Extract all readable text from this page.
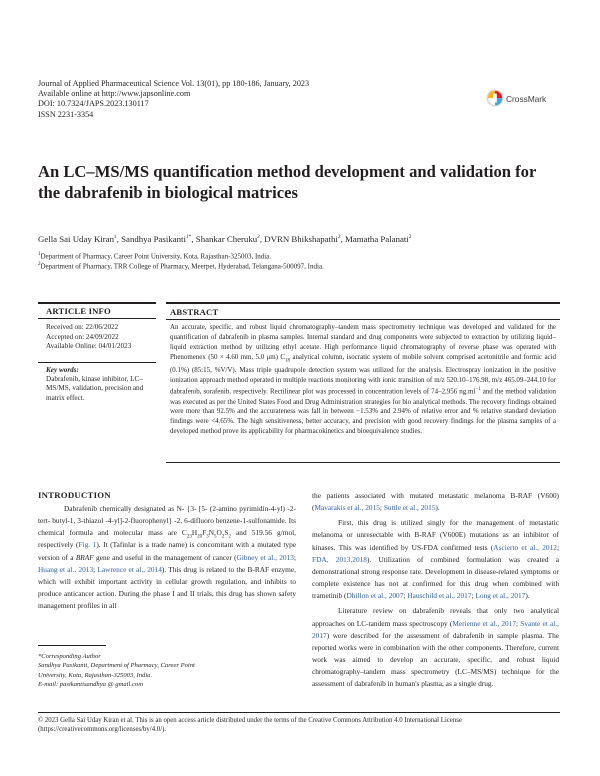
Journal of Applied Pharmaceutical Science Vol. 13(01), pp 180-186, January, 2023
Available online at http://www.japsonline.com
DOI: 10.7324/JAPS.2023.130117
ISSN 2231-3354
CrossMark
An LC–MS/MS quantification method development and validation for the dabrafenib in biological matrices
Gella Sai Uday Kiran$^1$, Sandhya Pasikanti$^{1*}$, Shankar Cheruku$^2$, DVRN Bhikshapathi$^2$, Mamatha Palanati$^2$
$^1$Department of Pharmacy, Career Point University, Kota, Rajasthan-325003, India.
$^2$Department of Pharmacy, TRR College of Pharmacy, Meerpet, Hyderabad, Telangana-500097, India.
ARTICLE INFO
Received on: 22/06/2022
Accepted on: 24/09/2022
Available Online: 04/01/2023
Key words:
Dabrafenib, kinase inhibitor, LC–MS/MS, validation, precision and matrix effect.
ABSTRACT
An accurate, specific, and robust liquid chromatography–tandem mass spectrometry technique was developed and validated for the quantification of dabrafenib in plasma samples. Internal standard and drug components were subjected to extraction by utilizing liquid–liquid extraction method by utilizing ethyl acetate. High performance liquid chromatography of reverse phase was operated with Phenomenex (50 × 4.60 mm, 5.0 μm) $C_{18}$ analytical column, isocratic system of mobile solvent comprised acetonitrile and formic acid (0.1%) (85:15, %V/V). Mass triple quadrupole detection system was utilized for the analysis. Electrospray ionization in the positive ionization approach method operated in multiple reactions monitoring with ionic transition of m/z 520.10–176.98, m/z 465.09–244.10 for dabrafenib, sorafenib, respectively. Rectilinear plot was processed in concentration levels of 74–2,956 $ng.ml^{-1}$ and the method validation was executed as per the United States Food and Drug Administration strategies for bio analytical methods. The recovery findings obtained were more than 92.5% and the accurateness was fall in between −1.53% and 2.94% of relative error and % relative standard deviation findings were <4.65%. The high sensitiveness, better accuracy, and precision with good recovery findings for the plasma samples of a developed method prove its applicability for pharmacokinetics and bioequivalence studies.
INTRODUCTION

Dabrafenib chemically designated as N- {3- [5- (2-amino pyrimidin-4-yl) -2-tert- butyl-1, 3-thiazol -4-yl]-2-fluorophenyl} -2, 6-difluoro benzene-1-sulfonamide. Its chemical formula and molecular mass are $C_{23}H_{20}F_3N_5O_2S_2$ and 519.56 g/mol, respectively (Fig. 1). It (Tafinlar is a trade name) is concomitant with a mutated type version of a BRAF gene and useful in the management of cancer (Gibney et al., 2013; Huang et al., 2013; Lawrence et al., 2014). This drug is related to the B-RAF enzyme, which will exhibit important activity in cellular growth regulation, and inhibits to produce anticancer action. During the phase I and II trials, this drug has shown safety management profiles in all

the patients associated with mutated metastatic melanoma B-RAF (V600) (Mavarakis et al., 2015; Suttle et al., 2015).

First, this drug is utilized singly for the management of metastatic melanoma or unresectable with B-RAF (V600E) mutations as an inhibitor of kinases. This was identified by US-FDA confirmed tests (Ascierto et al., 2012; FDA, 2013,2018). Utilization of combined formulation was created a demonstrational strong response rate. Development in disease-related symptoms or complete existence has not at confirmed for this drug when combined with trametinib (Dhillon et al., 2007; Hauschild et al., 2017; Long et al., 2017).

Literature review on dabrafenib reveals that only two analytical approaches on LC-tandem mass spectroscopy (Merienne et al., 2017; Svante et al., 2017) were described for the assessment of dabrafenib in sample plasma. The reported works were in combination with the other components. Therefore, current work was aimed to develop an accurate, specific, and robust liquid chromatography–tandem mass spectrometry (LC–MS/MS) technique for the assessment of dabrafenib in human's plasma, as a single drug.

*Corresponding Author
Sandhya Pasikanti, Department of Pharmacy, Career Point
University, Kota, Rajasthan-325003, India.
E-mail: pasikantisandhya @ gmail.com
© 2023 Gella Sai Uday Kiran et al. This is an open access article distributed under the terms of the Creative Commons Attribution 4.0 International License
(https://creativecommons.org/licenses/by/4.0/).
